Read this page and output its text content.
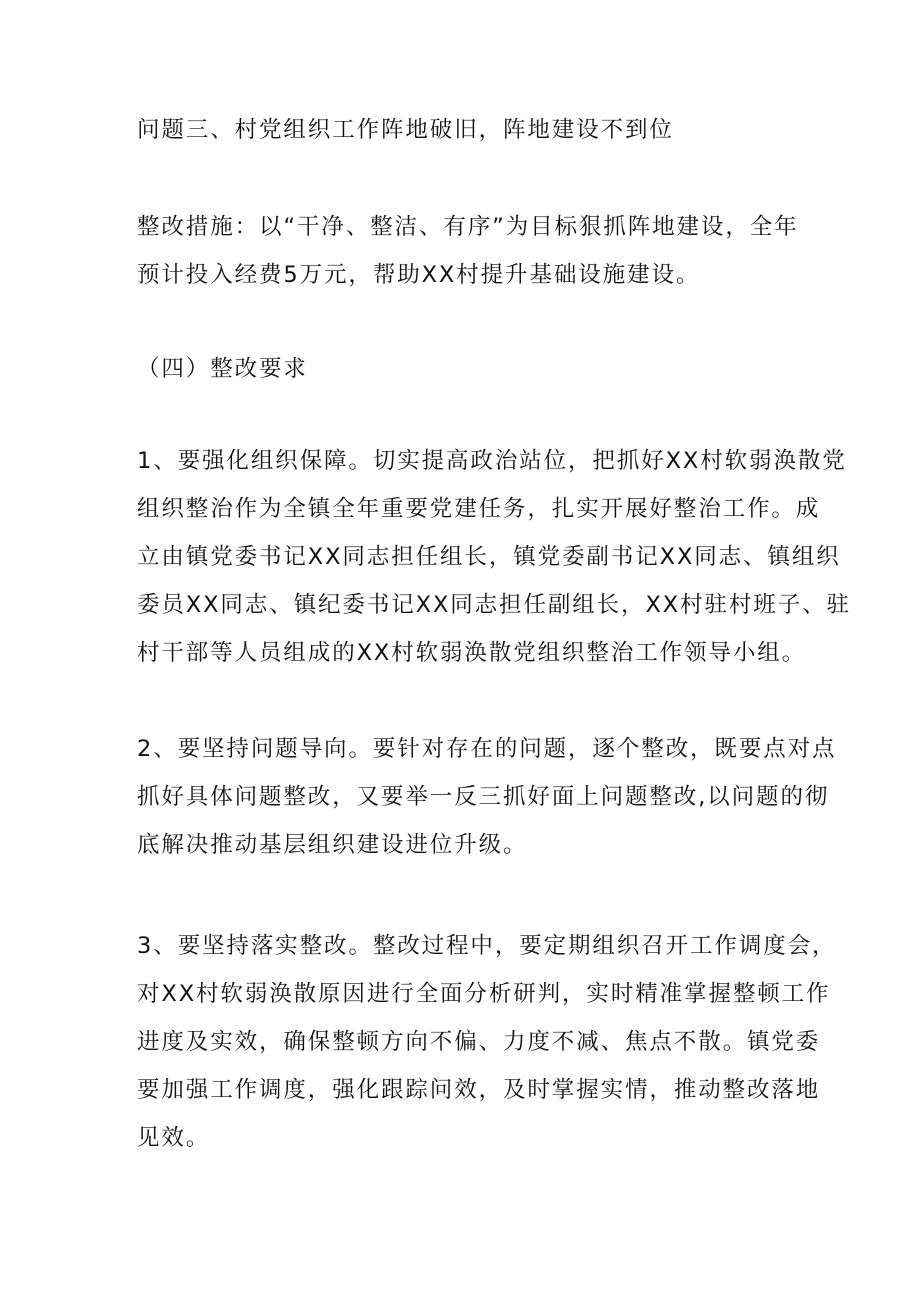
问题三、村党组织工作阵地破旧，阵地建设不到位

整改措施：以“干净、整洁、有序”为目标狠抓阵地建设，全年
预计投入经费5万元，帮助XX村提升基础设施建设。

（四）整改要求

1、要强化组织保障。切实提高政治站位，把抓好XX村软弱涣散党
组织整治作为全镇全年重要党建任务，扎实开展好整治工作。成
立由镇党委书记XX同志担任组长，镇党委副书记XX同志、镇组织
委员XX同志、镇纪委书记XX同志担任副组长，XX村驻村班子、驻
村干部等人员组成的XX村软弱涣散党组织整治工作领导小组。

2、要坚持问题导向。要针对存在的问题，逐个整改，既要点对点
抓好具体问题整改，又要举一反三抓好面上问题整改,以问题的彻
底解决推动基层组织建设进位升级。

3、要坚持落实整改。整改过程中，要定期组织召开工作调度会，
对XX村软弱涣散原因进行全面分析研判，实时精准掌握整顿工作
进度及实效，确保整顿方向不偏、力度不减、焦点不散。镇党委
要加强工作调度，强化跟踪问效，及时掌握实情，推动整改落地
见效。
